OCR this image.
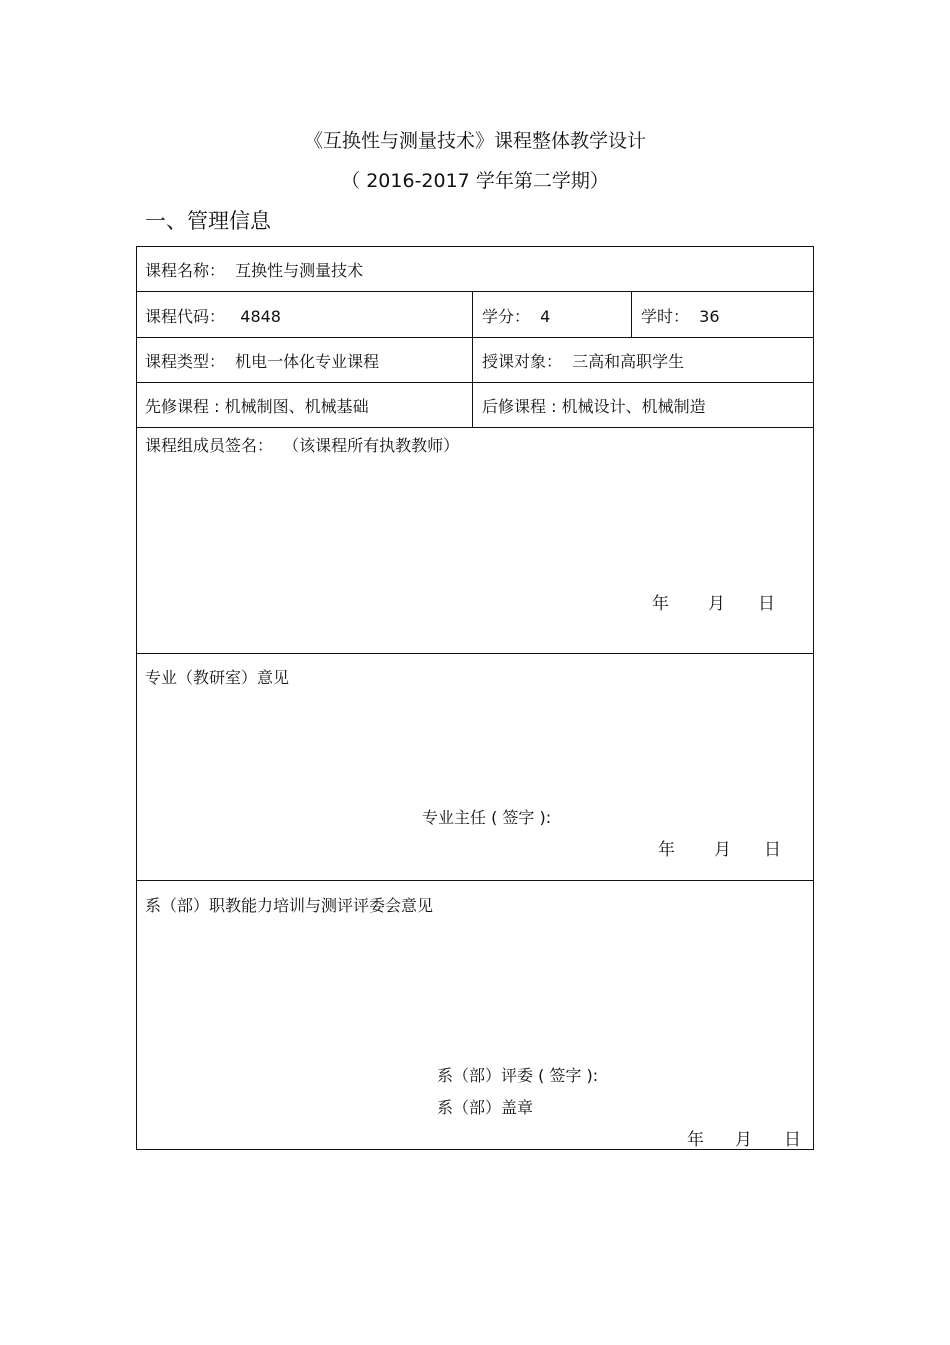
《互换性与测量技术》课程整体教学设计
（ 2016-2017 学年第二学期）
一、管理信息
课程名称：  互换性与测量技术
课程代码：   4848	学分：  4	学时：  36
课程类型：  机电一体化专业课程	授课对象：  三高和高职学生
先修课程 : 机械制图、机械基础	后修课程 : 机械设计、机械制造
课程组成员签名：  （该课程所有执教教师）
年 月 日
专业（教研室）意见
专业主任 ( 签字 ):
年 月 日
系（部）职教能力培训与测评评委会意见
系（部）评委 ( 签字 ):
系（部）盖章
年 月 日
